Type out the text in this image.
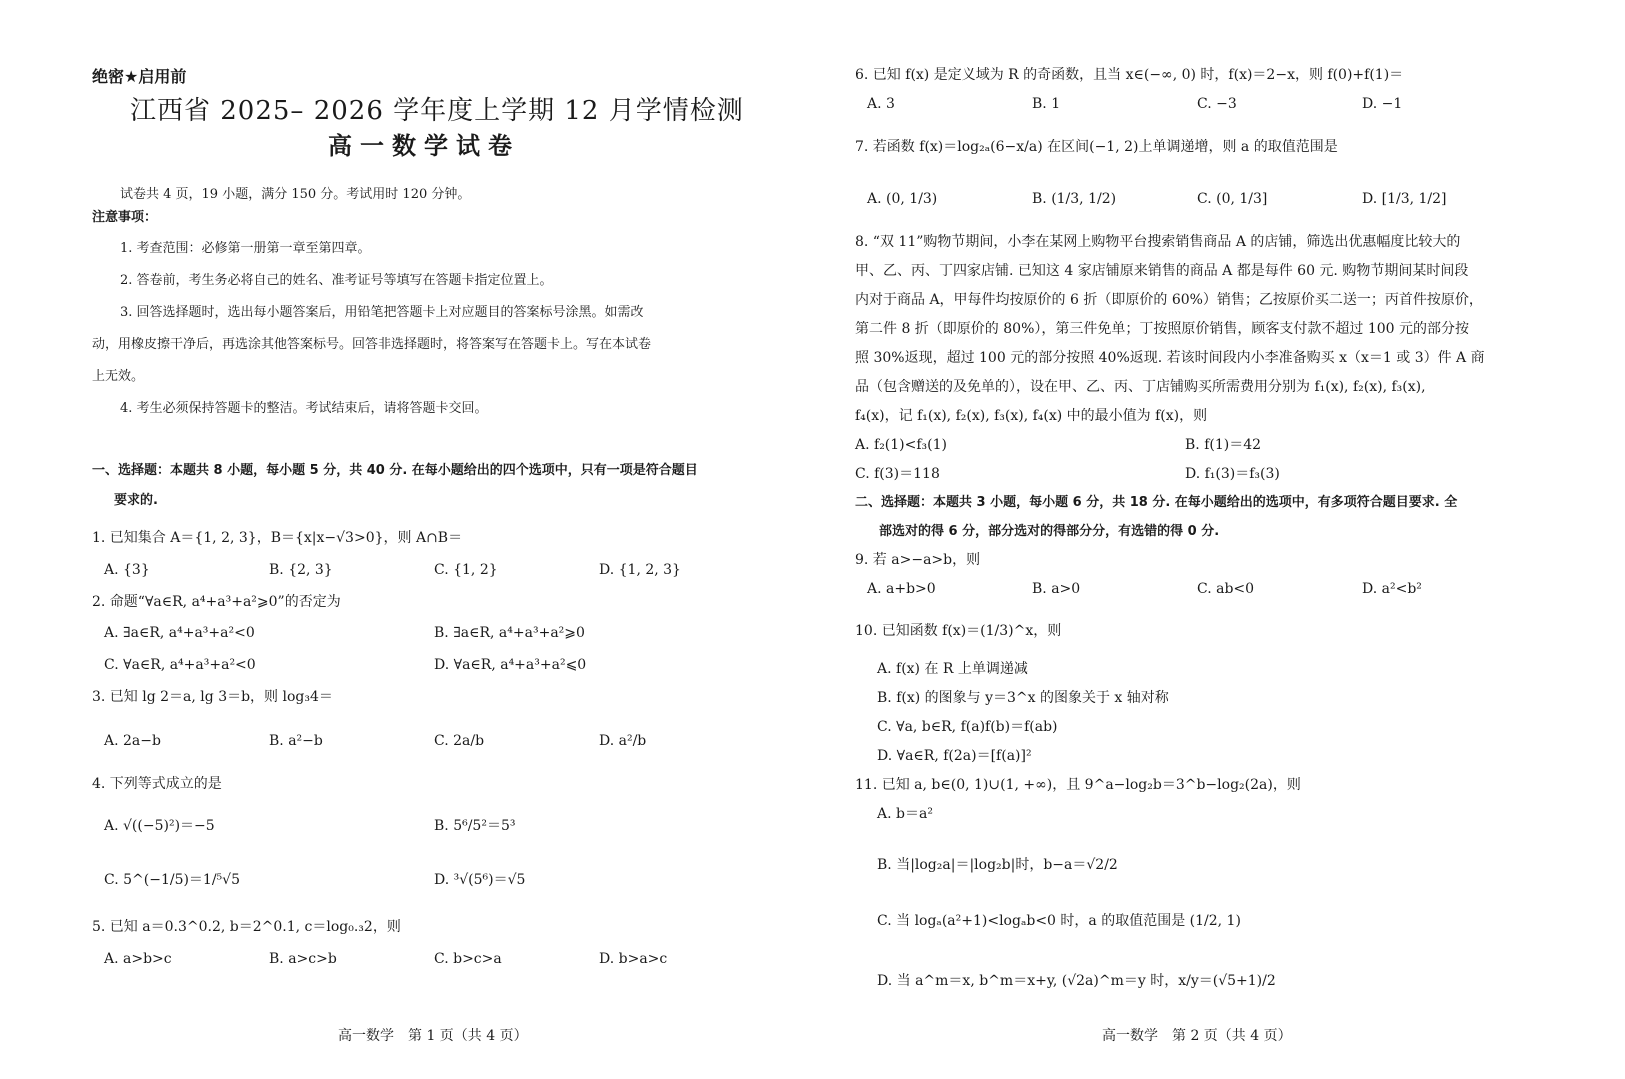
绝密★启用前
江西省 2025– 2026 学年度上学期 12 月学情检测
高一数学试卷
试卷共 4 页，19 小题，满分 150 分。考试用时 120 分钟。
注意事项：
1. 考查范围：必修第一册第一章至第四章。
2. 答卷前，考生务必将自己的姓名、准考证号等填写在答题卡指定位置上。
3. 回答选择题时，选出每小题答案后，用铅笔把答题卡上对应题目的答案标号涂黑。如需改
动，用橡皮擦干净后，再选涂其他答案标号。回答非选择题时，将答案写在答题卡上。写在本试卷
上无效。
4. 考生必须保持答题卡的整洁。考试结束后，请将答题卡交回。
一、选择题：本题共 8 小题，每小题 5 分，共 40 分. 在每小题给出的四个选项中，只有一项是符合题目
要求的.
1. 已知集合 A＝{1, 2, 3}，B＝{x|x−√3>0}，则 A∩B＝
A. {3}	B. {2, 3}	C. {1, 2}	D. {1, 2, 3}
2. 命题“∀a∈R, a⁴+a³+a²⩾0”的否定为
A. ∃a∈R, a⁴+a³+a²<0	B. ∃a∈R, a⁴+a³+a²⩾0
C. ∀a∈R, a⁴+a³+a²<0	D. ∀a∈R, a⁴+a³+a²⩽0
3. 已知 lg 2＝a, lg 3＝b，则 log₃4＝
A. 2a−b	B. a²−b	C. 2a/b	D. a²/b
4. 下列等式成立的是
A. √((−5)²)＝−5	B. 5⁶/5²＝5³
C. 5^(−1/5)＝1/⁵√5	D. ³√(5⁶)＝√5
5. 已知 a＝0.3^0.2, b＝2^0.1, c＝log₀.₃2，则
A. a>b>c	B. a>c>b	C. b>c>a	D. b>a>c
高一数学　第 1 页（共 4 页）
6. 已知 f(x) 是定义域为 R 的奇函数，且当 x∈(−∞, 0) 时，f(x)＝2−x，则 f(0)+f(1)＝
A. 3	B. 1	C. −3	D. −1
7. 若函数 f(x)＝log₂ₐ(6−x/a) 在区间(−1, 2)上单调递增，则 a 的取值范围是
A. (0, 1/3)	B. (1/3, 1/2)	C. (0, 1/3]	D. [1/3, 1/2]
8. “双 11”购物节期间，小李在某网上购物平台搜索销售商品 A 的店铺，筛选出优惠幅度比较大的
甲、乙、丙、丁四家店铺. 已知这 4 家店铺原来销售的商品 A 都是每件 60 元. 购物节期间某时间段
内对于商品 A，甲每件均按原价的 6 折（即原价的 60%）销售；乙按原价买二送一；丙首件按原价，
第二件 8 折（即原价的 80%），第三件免单；丁按照原价销售，顾客支付款不超过 100 元的部分按
照 30%返现，超过 100 元的部分按照 40%返现. 若该时间段内小李准备购买 x（x＝1 或 3）件 A 商
品（包含赠送的及免单的），设在甲、乙、丙、丁店铺购买所需费用分别为 f₁(x), f₂(x), f₃(x),
f₄(x)，记 f₁(x), f₂(x), f₃(x), f₄(x) 中的最小值为 f(x)，则
A. f₂(1)<f₃(1)	B. f(1)＝42
C. f(3)＝118	D. f₁(3)＝f₃(3)
二、选择题：本题共 3 小题，每小题 6 分，共 18 分. 在每小题给出的选项中，有多项符合题目要求. 全
部选对的得 6 分，部分选对的得部分分，有选错的得 0 分.
9. 若 a>−a>b，则
A. a+b>0	B. a>0	C. ab<0	D. a²<b²
10. 已知函数 f(x)＝(1/3)^x，则
A. f(x) 在 R 上单调递减
B. f(x) 的图象与 y＝3^x 的图象关于 x 轴对称
C. ∀a, b∈R, f(a)f(b)＝f(ab)
D. ∀a∈R, f(2a)＝[f(a)]²
11. 已知 a, b∈(0, 1)∪(1, +∞)，且 9^a−log₂b＝3^b−log₂(2a)，则
A. b＝a²
B. 当|log₂a|＝|log₂b|时，b−a＝√2/2
C. 当 logₐ(a²+1)<logₐb<0 时，a 的取值范围是 (1/2, 1)
D. 当 a^m＝x, b^m＝x+y, (√2a)^m＝y 时，x/y＝(√5+1)/2
高一数学　第 2 页（共 4 页）
